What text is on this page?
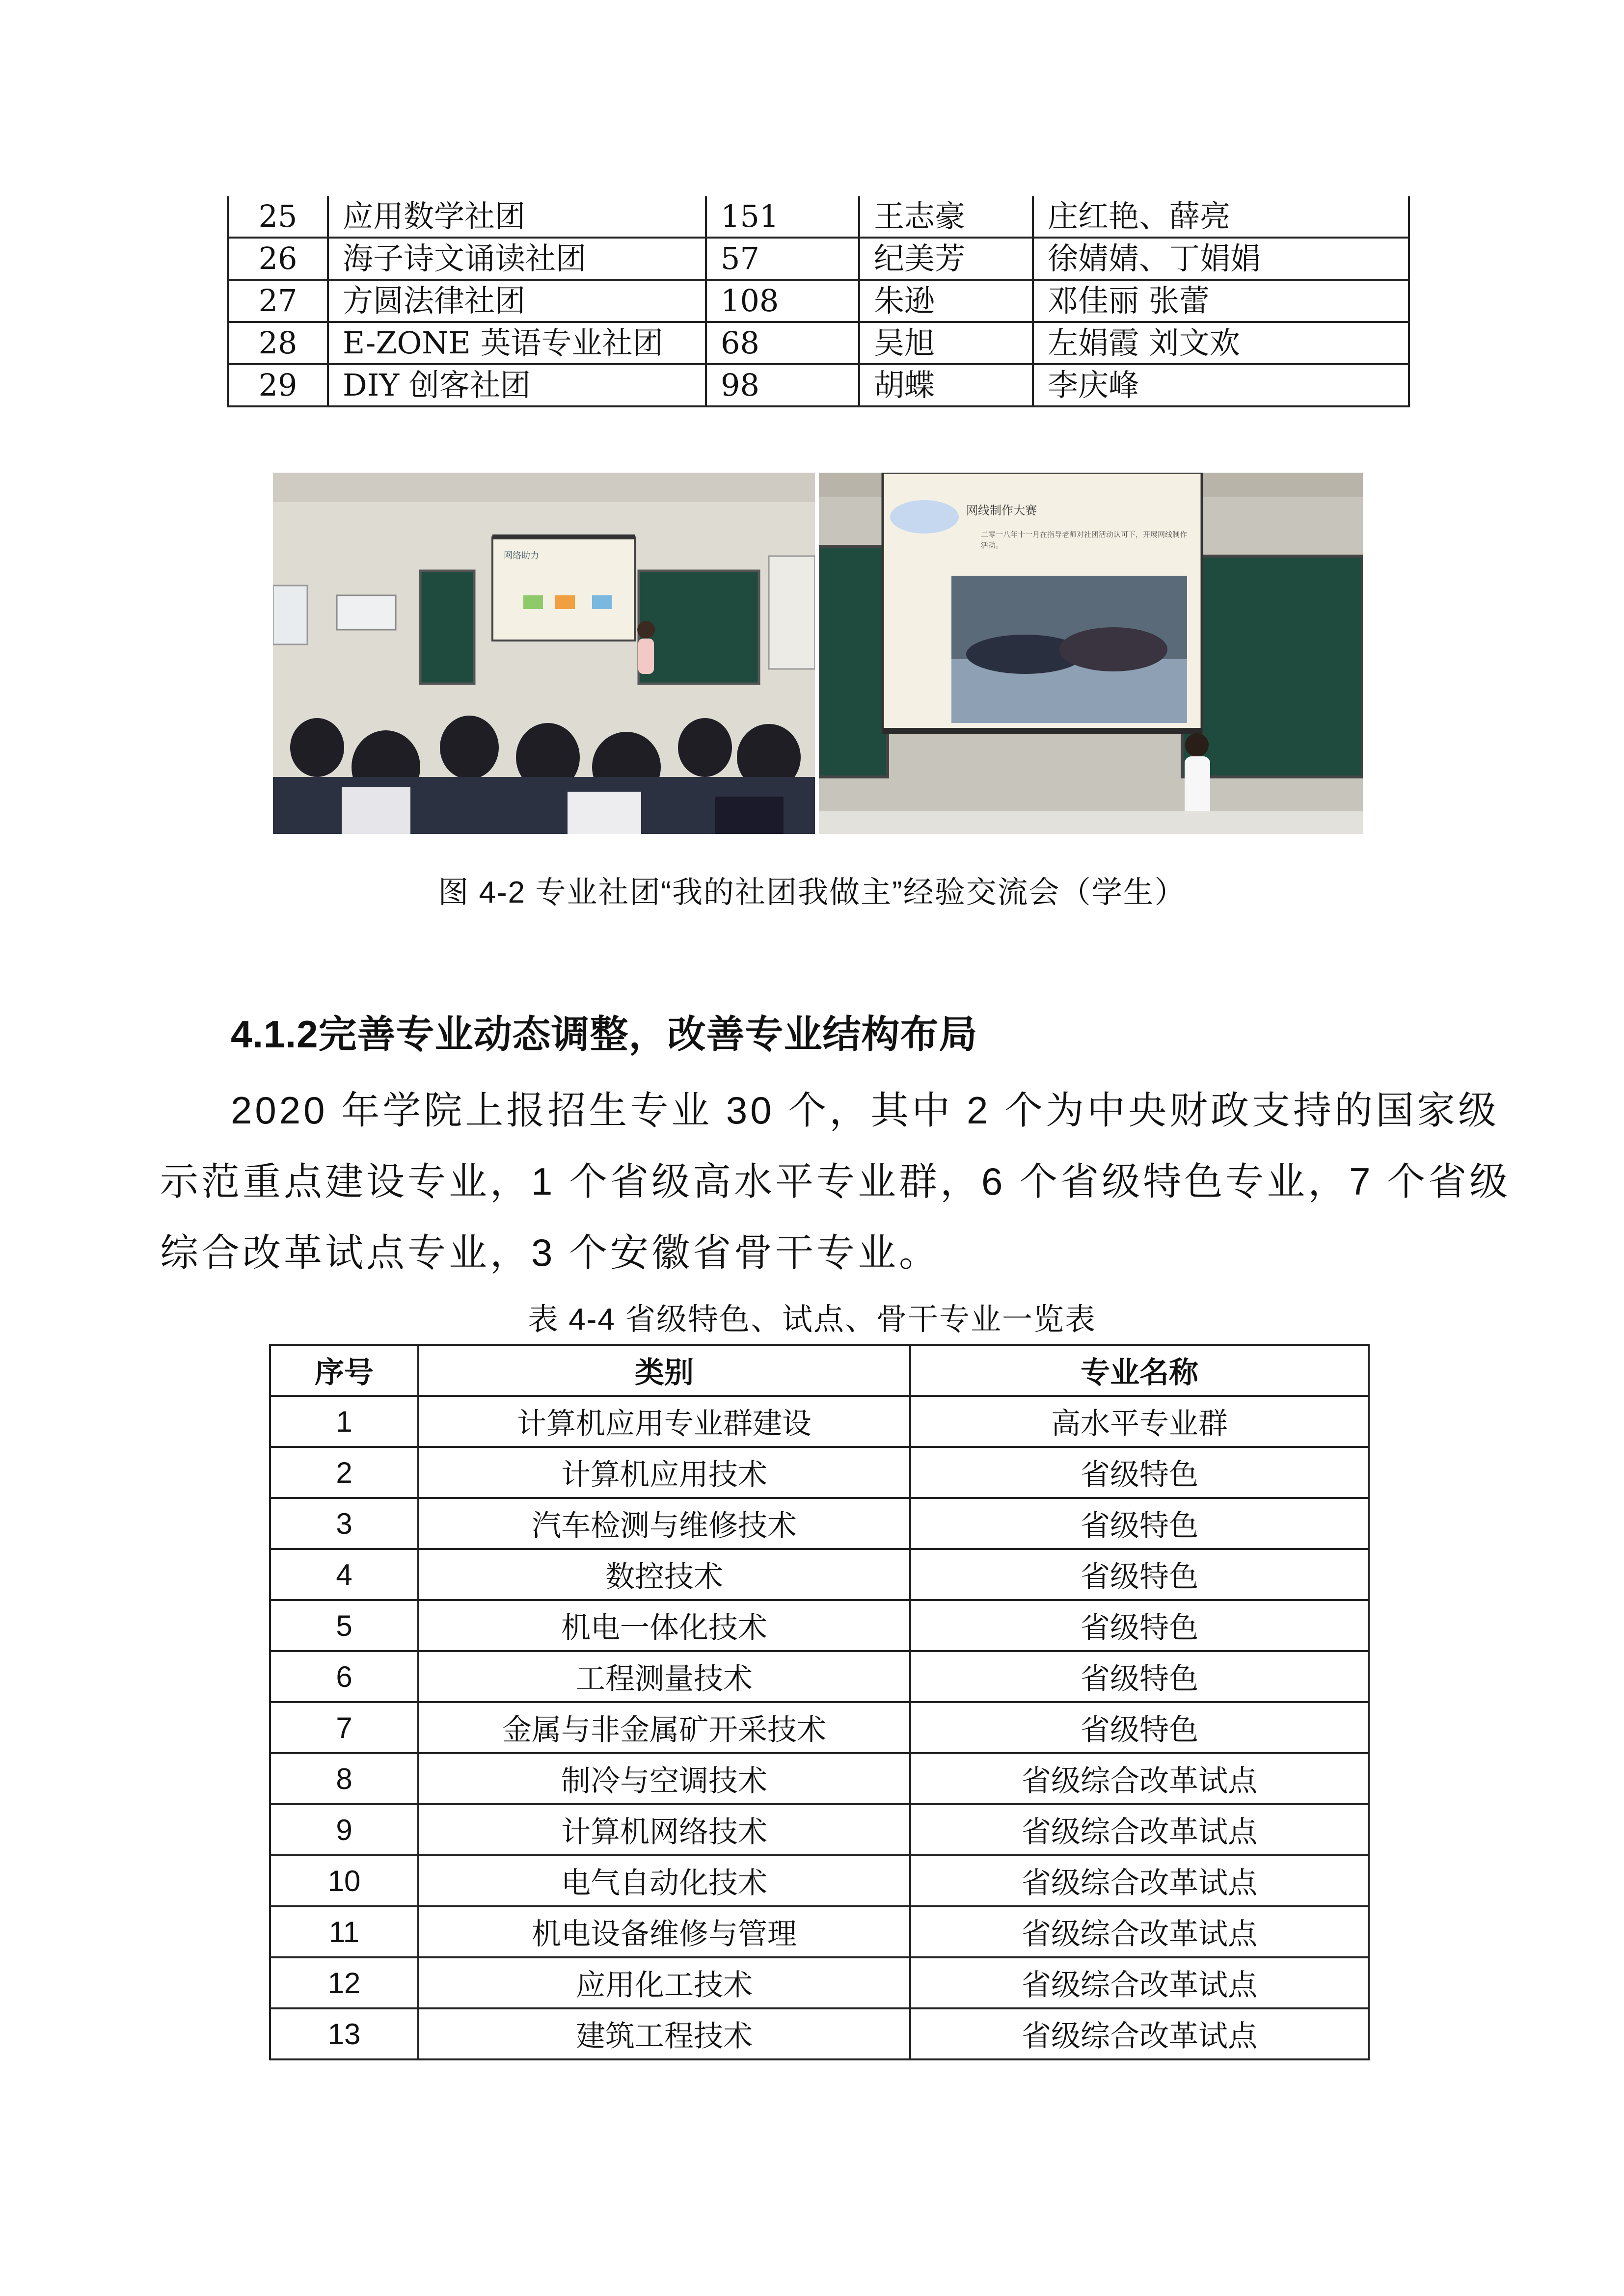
25	应用数学社团	151	王志豪	庄红艳、薛亮
26	海子诗文诵读社团	57	纪美芳	徐婧婧、丁娟娟
27	方圆法律社团	108	朱逊	邓佳丽 张蕾
28	E-ZONE 英语专业社团	68	吴旭	左娟霞 刘文欢
29	DIY 创客社团	98	胡蝶	李庆峰
网络助力
网线制作大赛
二零一八年十一月在指导老师对社团活动认可下，开展网线制作活动。
图 4-2 专业社团“我的社团我做主”经验交流会（学生）
4.1.2完善专业动态调整，改善专业结构布局
2020 年学院上报招生专业 30 个，其中 2 个为中央财政支持的国家级
示范重点建设专业，1 个省级高水平专业群，6 个省级特色专业，7 个省级
综合改革试点专业，3 个安徽省骨干专业。
表 4-4 省级特色、试点、骨干专业一览表
序号	类别	专业名称
1	计算机应用专业群建设	高水平专业群
2	计算机应用技术	省级特色
3	汽车检测与维修技术	省级特色
4	数控技术	省级特色
5	机电一体化技术	省级特色
6	工程测量技术	省级特色
7	金属与非金属矿开采技术	省级特色
8	制冷与空调技术	省级综合改革试点
9	计算机网络技术	省级综合改革试点
10	电气自动化技术	省级综合改革试点
11	机电设备维修与管理	省级综合改革试点
12	应用化工技术	省级综合改革试点
13	建筑工程技术	省级综合改革试点
